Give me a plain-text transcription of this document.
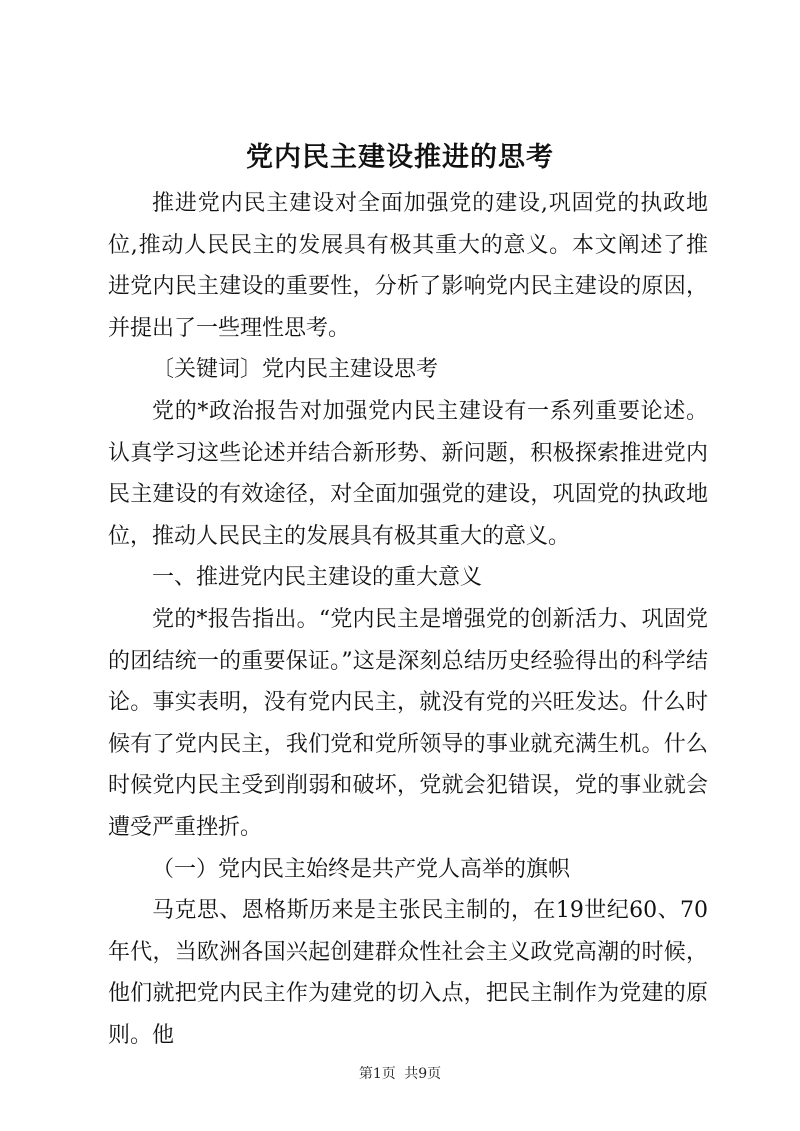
党内民主建设推进的思考

推进党内民主建设对全面加强党的建设,巩固党的执政地位,推动人民民主的发展具有极其重大的意义。本文阐述了推进党内民主建设的重要性，分析了影响党内民主建设的原因，并提出了一些理性思考。

〔关键词〕党内民主建设思考

党的*政治报告对加强党内民主建设有一系列重要论述。认真学习这些论述并结合新形势、新问题，积极探索推进党内民主建设的有效途径，对全面加强党的建设，巩固党的执政地位，推动人民民主的发展具有极其重大的意义。

一、推进党内民主建设的重大意义

党的*报告指出。“党内民主是增强党的创新活力、巩固党的团结统一的重要保证。”这是深刻总结历史经验得出的科学结论。事实表明，没有党内民主，就没有党的兴旺发达。什么时候有了党内民主，我们党和党所领导的事业就充满生机。什么时候党内民主受到削弱和破坏，党就会犯错误，党的事业就会遭受严重挫折。

（一）党内民主始终是共产党人高举的旗帜

马克思、恩格斯历来是主张民主制的，在19世纪60、70年代，当欧洲各国兴起创建群众性社会主义政党高潮的时候，他们就把党内民主作为建党的切入点，把民主制作为党建的原则。他

第1页 共9页
